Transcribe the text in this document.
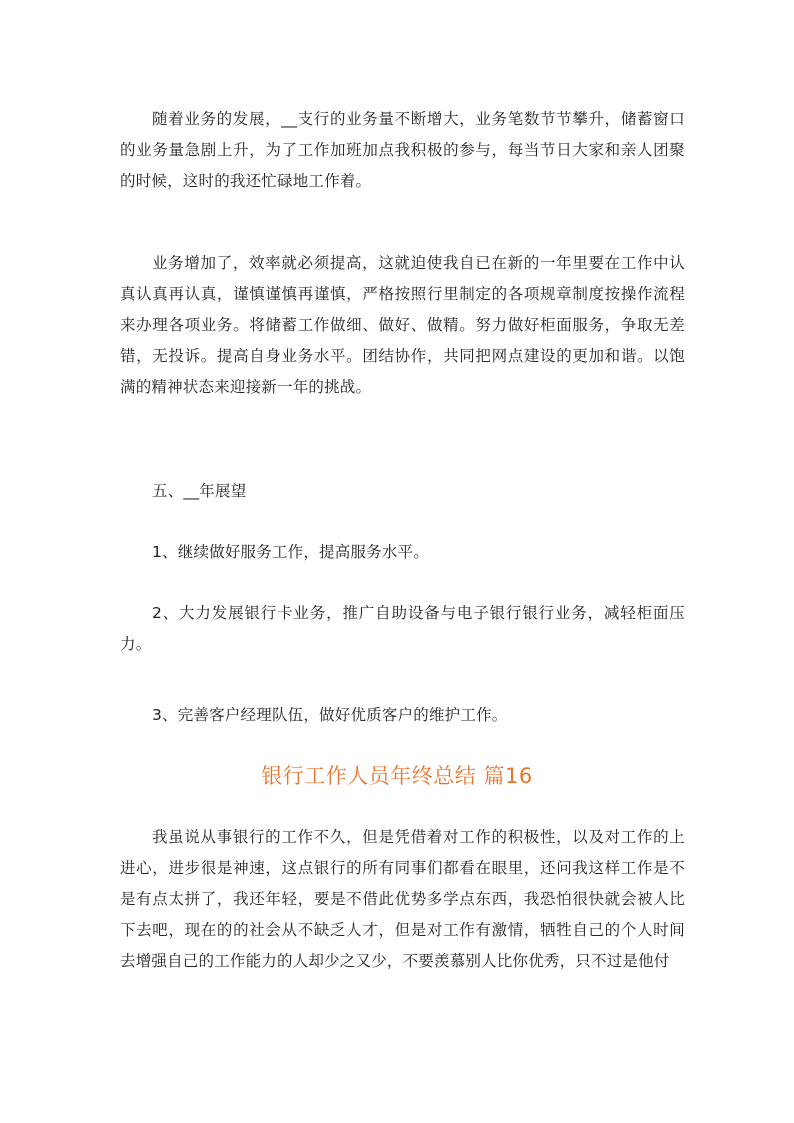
随着业务的发展，__支行的业务量不断增大，业务笔数节节攀升，储蓄窗口的业务量急剧上升，为了工作加班加点我积极的参与，每当节日大家和亲人团聚的时候，这时的我还忙碌地工作着。

业务增加了，效率就必须提高，这就迫使我自已在新的一年里要在工作中认真认真再认真，谨慎谨慎再谨慎，严格按照行里制定的各项规章制度按操作流程来办理各项业务。将储蓄工作做细、做好、做精。努力做好柜面服务，争取无差错，无投诉。提高自身业务水平。团结协作，共同把网点建设的更加和谐。以饱满的精神状态来迎接新一年的挑战。

五、__年展望

1、继续做好服务工作，提高服务水平。

2、大力发展银行卡业务，推广自助设备与电子银行银行业务，减轻柜面压力。

3、完善客户经理队伍，做好优质客户的维护工作。

银行工作人员年终总结 篇16

我虽说从事银行的工作不久，但是凭借着对工作的积极性，以及对工作的上进心，进步很是神速，这点银行的所有同事们都看在眼里，还问我这样工作是不是有点太拼了，我还年轻，要是不借此优势多学点东西，我恐怕很快就会被人比下去吧，现在的的社会从不缺乏人才，但是对工作有激情，牺牲自己的个人时间去增强自己的工作能力的人却少之又少，不要羡慕别人比你优秀，只不过是他付
